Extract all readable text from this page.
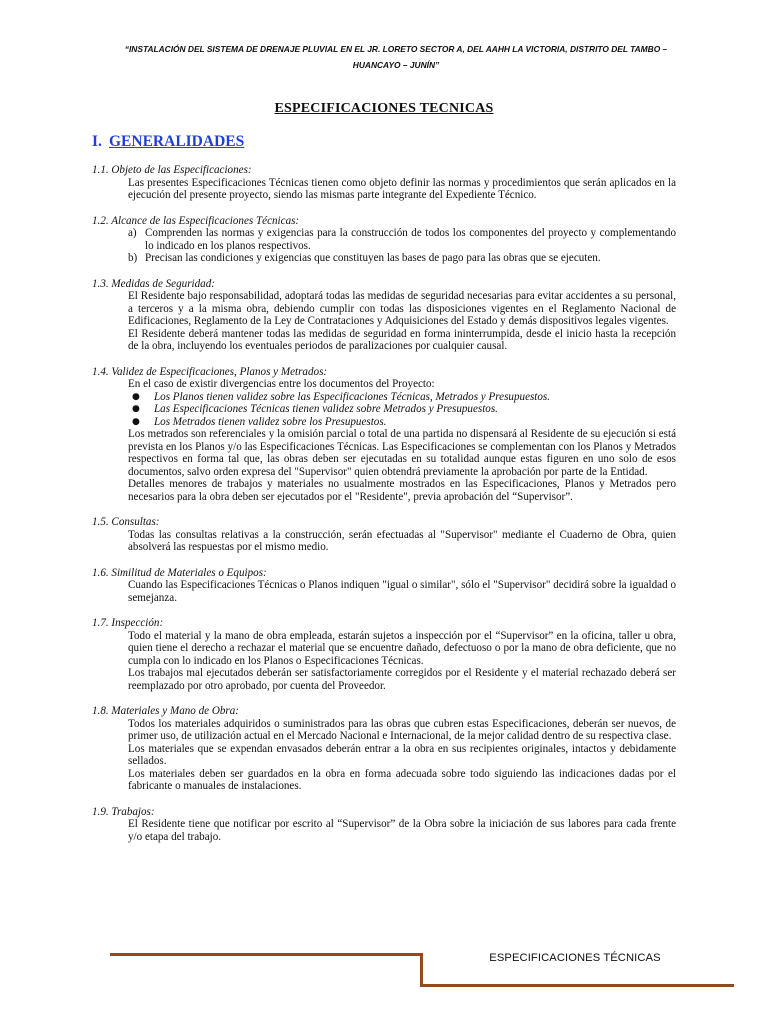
“INSTALACIÓN DEL SISTEMA DE DRENAJE PLUVIAL EN EL JR. LORETO SECTOR A, DEL AAHH LA VICTORIA, DISTRITO DEL TAMBO –
HUANCAYO – JUNÍN”
ESPECIFICACIONES TECNICAS
I. GENERALIDADES
1.1. Objeto de las Especificaciones:
Las presentes Especificaciones Técnicas tienen como objeto definir las normas y procedimientos que serán aplicados en la ejecución del presente proyecto, siendo las mismas parte integrante del Expediente Técnico.
1.2. Alcance de las Especificaciones Técnicas:
a) Comprenden las normas y exigencias para la construcción de todos los componentes del proyecto y complementando lo indicado en los planos respectivos.
b) Precisan las condiciones y exigencias que constituyen las bases de pago para las obras que se ejecuten.
1.3. Medidas de Seguridad:
El Residente bajo responsabilidad, adoptará todas las medidas de seguridad necesarias para evitar accidentes a su personal, a terceros y a la misma obra, debiendo cumplir con todas las disposiciones vigentes en el Reglamento Nacional de Edificaciones, Reglamento de la Ley de Contrataciones y Adquisiciones del Estado y demás dispositivos legales vigentes.
El Residente deberá mantener todas las medidas de seguridad en forma ininterrumpida, desde el inicio hasta la recepción de la obra, incluyendo los eventuales periodos de paralizaciones por cualquier causal.
1.4. Validez de Especificaciones, Planos y Metrados:
En el caso de existir divergencias entre los documentos del Proyecto:
●	Los Planos tienen validez sobre las Especificaciones Técnicas, Metrados y Presupuestos.
●	Las Especificaciones Técnicas tienen validez sobre Metrados y Presupuestos.
●	Los Metrados tienen validez sobre los Presupuestos.
Los metrados son referenciales y la omisión parcial o total de una partida no dispensará al Residente de su ejecución si está prevista en los Planos y/o las Especificaciones Técnicas. Las Especificaciones se complementan con los Planos y Metrados respectivos en forma tal que, las obras deben ser ejecutadas en su totalidad aunque estas figuren en uno solo de esos documentos, salvo orden expresa del "Supervisor" quien obtendrá previamente la aprobación por parte de la Entidad.
Detalles menores de trabajos y materiales no usualmente mostrados en las Especificaciones, Planos y Metrados pero necesarios para la obra deben ser ejecutados por el "Residente", previa aprobación del “Supervisor”.
1.5. Consultas:
Todas las consultas relativas a la construcción, serán efectuadas al "Supervisor" mediante el Cuaderno de Obra, quien absolverá las respuestas por el mismo medio.
1.6. Similitud de Materiales o Equipos:
Cuando las Especificaciones Técnicas o Planos indiquen "igual o similar", sólo el "Supervisor" decidirá sobre la igualdad o semejanza.
1.7. Inspección:
Todo el material y la mano de obra empleada, estarán sujetos a inspección por el “Supervisor” en la oficina, taller u obra, quien tiene el derecho a rechazar el material que se encuentre dañado, defectuoso o por la mano de obra deficiente, que no cumpla con lo indicado en los Planos o Especificaciones Técnicas.
Los trabajos mal ejecutados deberán ser satisfactoriamente corregidos por el Residente y el material rechazado deberá ser reemplazado por otro aprobado, por cuenta del Proveedor.
1.8. Materiales y Mano de Obra:
Todos los materiales adquiridos o suministrados para las obras que cubren estas Especificaciones, deberán ser nuevos, de primer uso, de utilización actual en el Mercado Nacional e Internacional, de la mejor calidad dentro de su respectiva clase.
Los materiales que se expendan envasados deberán entrar a la obra en sus recipientes originales, intactos y debidamente sellados.
Los materiales deben ser guardados en la obra en forma adecuada sobre todo siguiendo las indicaciones dadas por el fabricante o manuales de instalaciones.
1.9. Trabajos:
El Residente tiene que notificar por escrito al “Supervisor” de la Obra sobre la iniciación de sus labores para cada frente y/o etapa del trabajo.
ESPECIFICACIONES TÉCNICAS
